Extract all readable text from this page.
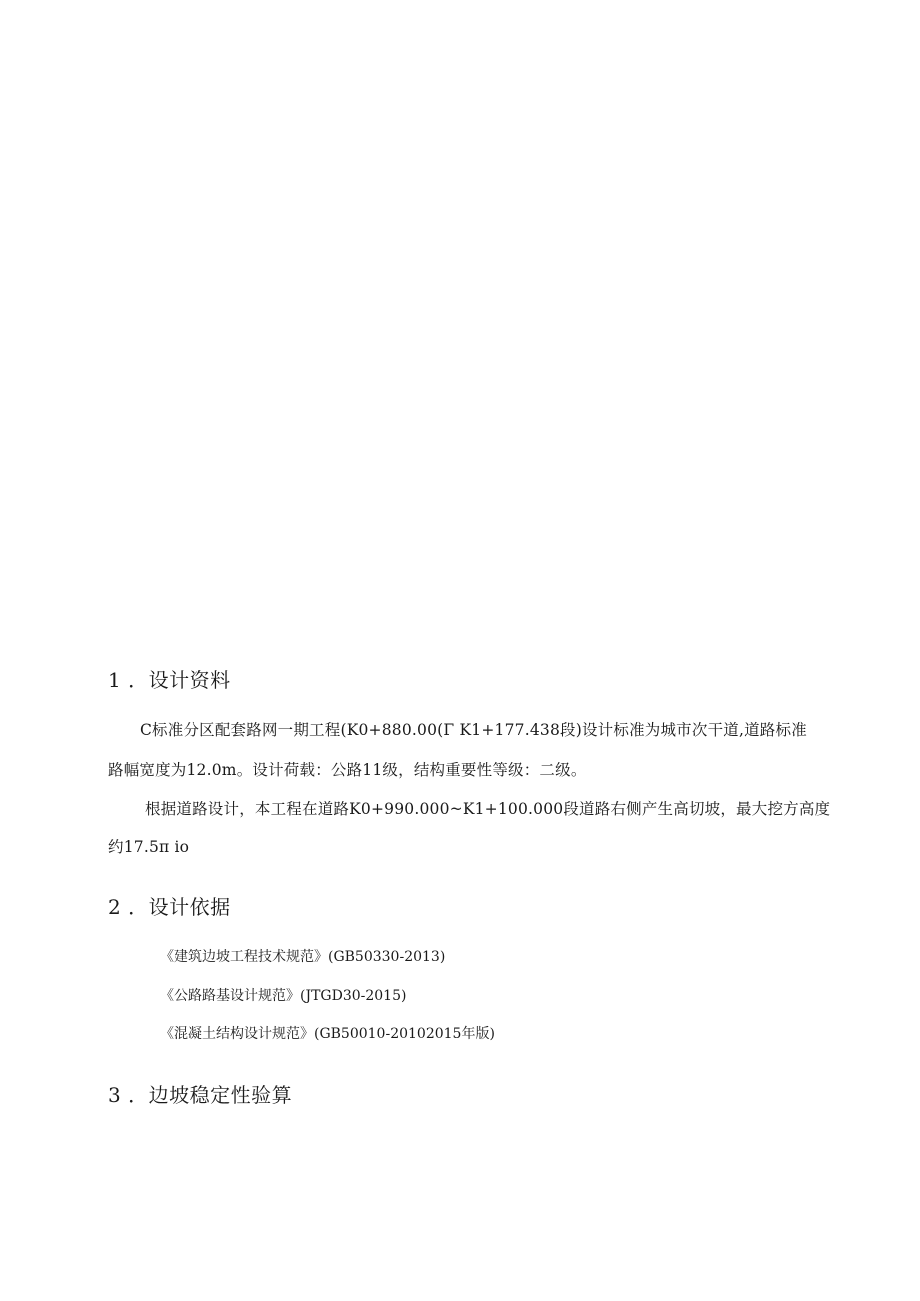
1 ．设计资料
C标准分区配套路网一期工程(K0+880.00(Γ K1+177.438段)设计标准为城市次干道,道路标准
路幅宽度为12.0m。设计荷载：公路11级，结构重要性等级：二级。
根据道路设计，本工程在道路K0+990.000~K1+100.000段道路右侧产生高切坡，最大挖方高度
约17.5π io
2 ．设计依据
《建筑边坡工程技术规范》(GB50330-2013)
《公路路基设计规范》(JTGD30-2015)
《混凝土结构设计规范》(GB50010-20102015年版)
3 ．边坡稳定性验算
